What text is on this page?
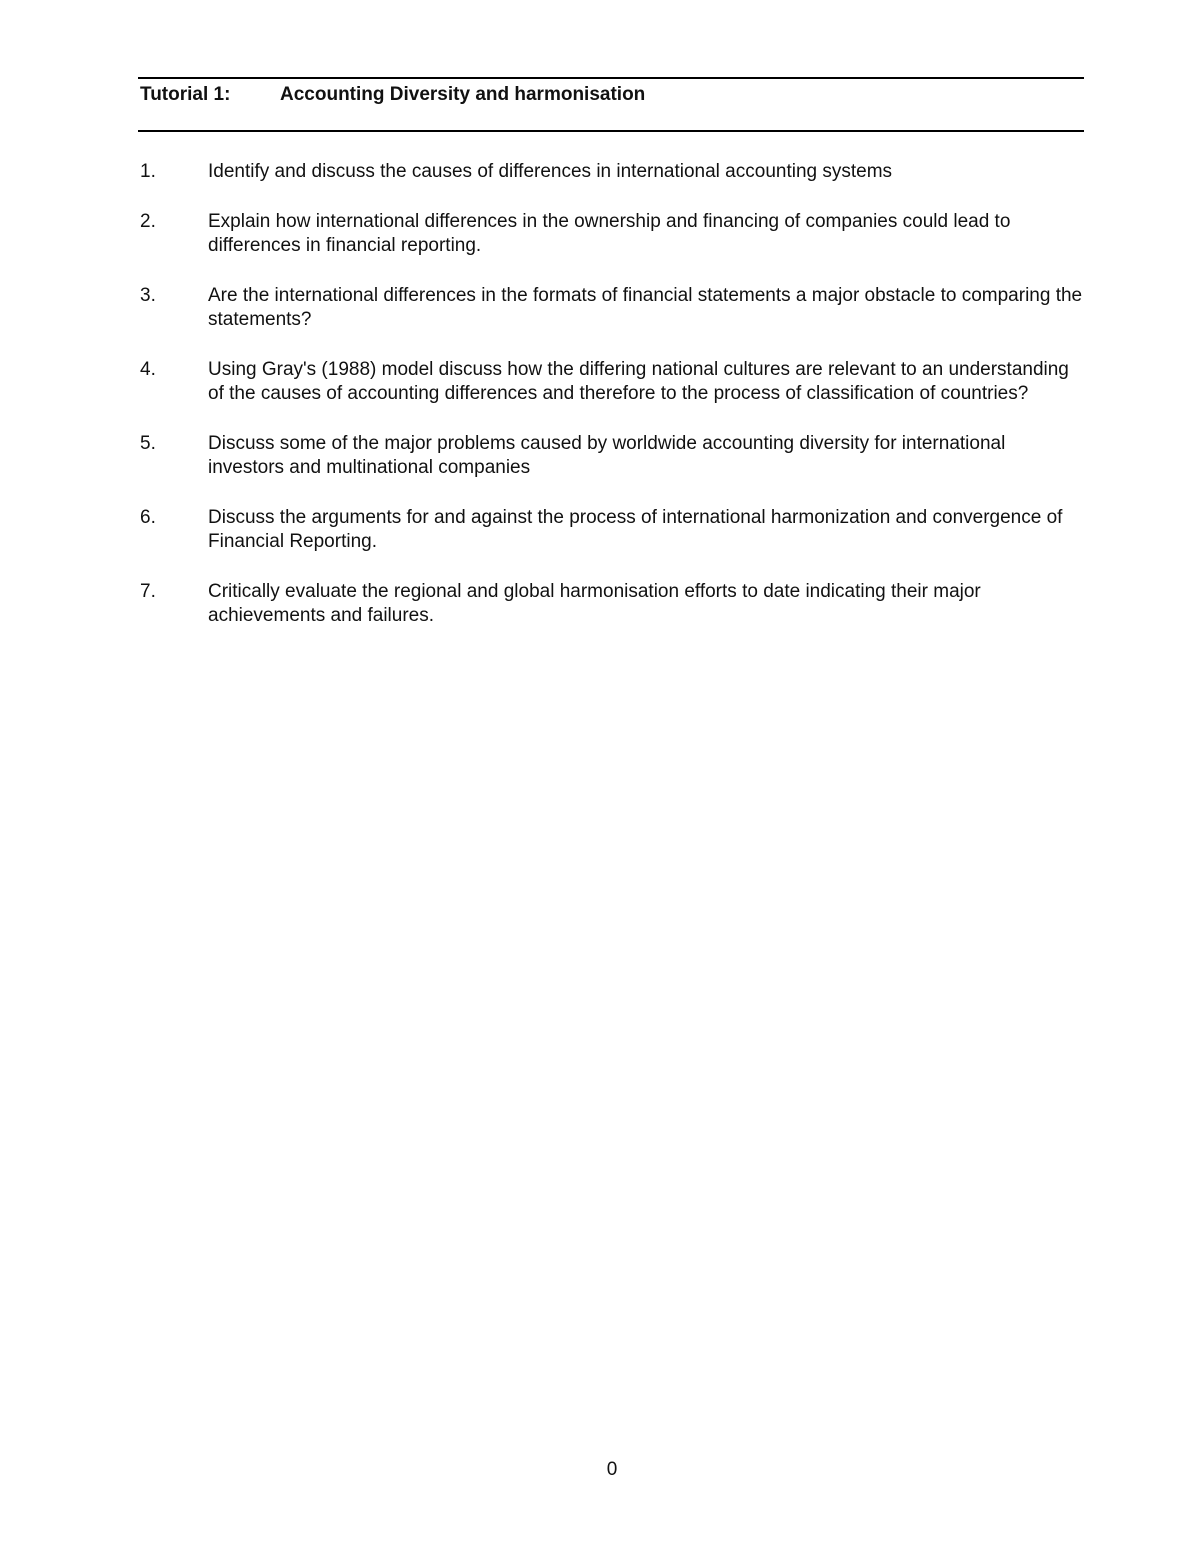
Tutorial 1:	Accounting Diversity and harmonisation
1.	Identify and discuss the causes of differences in international accounting systems
2.	Explain how international differences in the ownership and financing of companies could lead to differences in financial reporting.
3.	Are the international differences in the formats of financial statements a major obstacle to comparing the statements?
4.	Using Gray's (1988) model discuss how the differing national cultures are relevant to an understanding of the causes of accounting differences and therefore to the process of classification of countries?
5.	Discuss some of the major problems caused by worldwide accounting diversity for international investors and multinational companies
6.	Discuss the arguments for and against the process of international harmonization and convergence of Financial Reporting.
7.	Critically evaluate the regional and global harmonisation efforts to date indicating their major achievements and failures.
0
